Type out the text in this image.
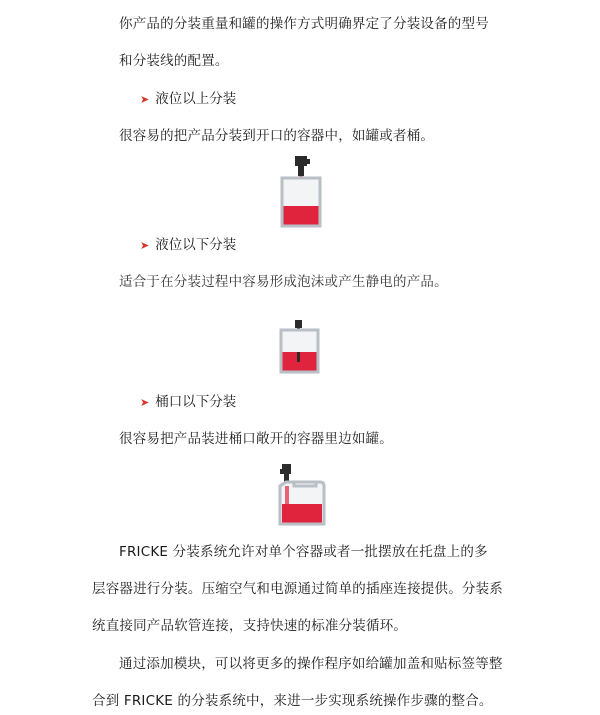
你产品的分装重量和罐的操作方式明确界定了分装设备的型号
和分装线的配置。
➤ 液位以上分装
很容易的把产品分装到开口的容器中，如罐或者桶。
➤ 液位以下分装
适合于在分装过程中容易形成泡沫或产生静电的产品。
➤ 桶口以下分装
很容易把产品装进桶口敞开的容器里边如罐。
FRICKE 分装系统允许对单个容器或者一批摆放在托盘上的多
层容器进行分装。压缩空气和电源通过简单的插座连接提供。分装系
统直接同产品软管连接，支持快速的标准分装循环。
通过添加模块，可以将更多的操作程序如给罐加盖和贴标签等整
合到 FRICKE 的分装系统中，来进一步实现系统操作步骤的整合。
